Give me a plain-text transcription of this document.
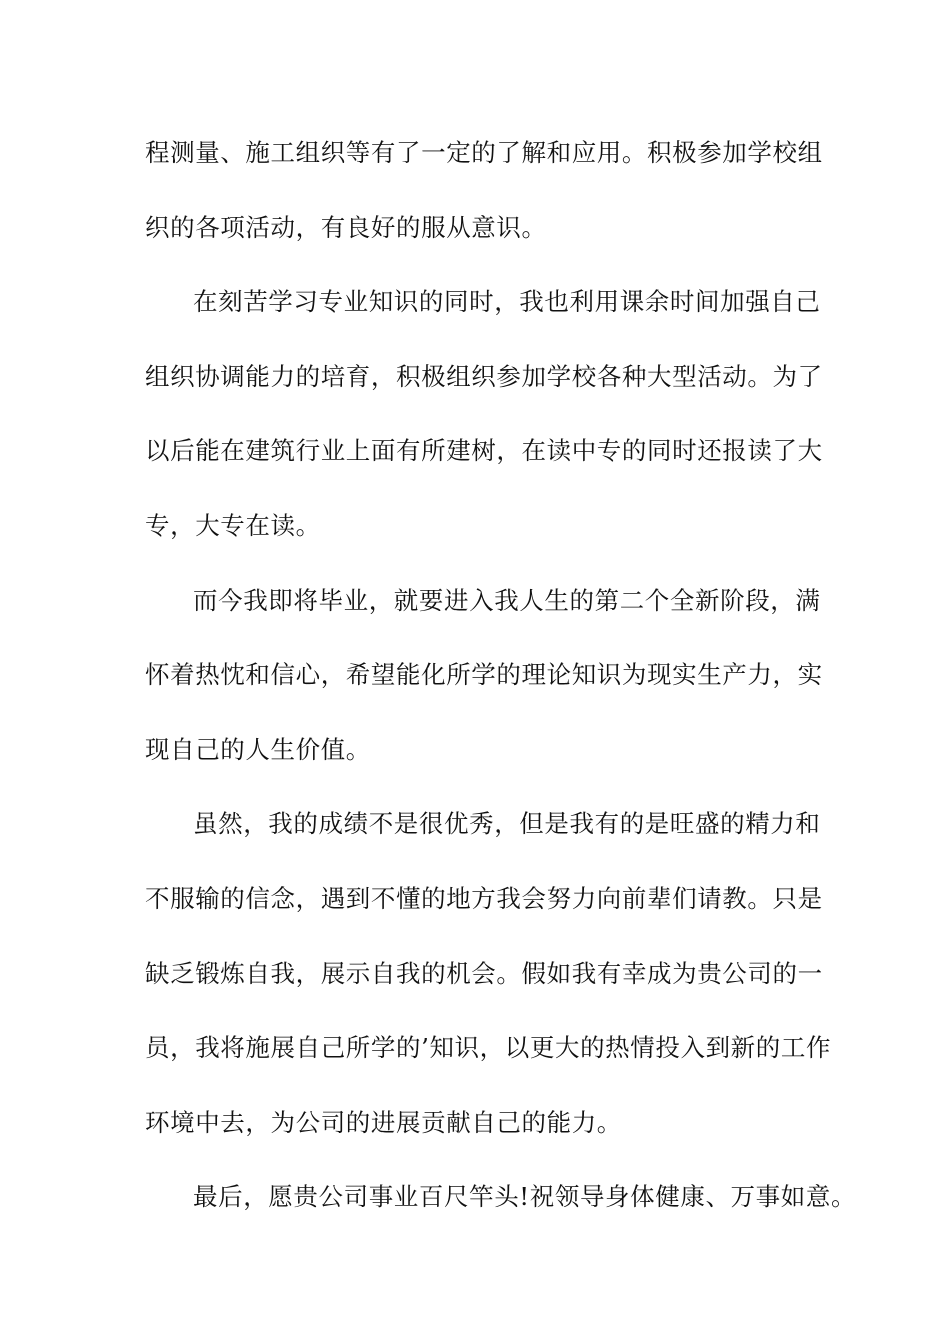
程测量、施工组织等有了一定的了解和应用。积极参加学校组
织的各项活动，有良好的服从意识。
在刻苦学习专业知识的同时，我也利用课余时间加强自己
组织协调能力的培育，积极组织参加学校各种大型活动。为了
以后能在建筑行业上面有所建树，在读中专的同时还报读了大
专，大专在读。
而今我即将毕业，就要进入我人生的第二个全新阶段，满
怀着热忱和信心，希望能化所学的理论知识为现实生产力，实
现自己的人生价值。
虽然，我的成绩不是很优秀，但是我有的是旺盛的精力和
不服输的信念，遇到不懂的地方我会努力向前辈们请教。只是
缺乏锻炼自我，展示自我的机会。假如我有幸成为贵公司的一
员，我将施展自己所学的’知识，以更大的热情投入到新的工作
环境中去，为公司的进展贡献自己的能力。
最后，愿贵公司事业百尺竿头!祝领导身体健康、万事如意。
